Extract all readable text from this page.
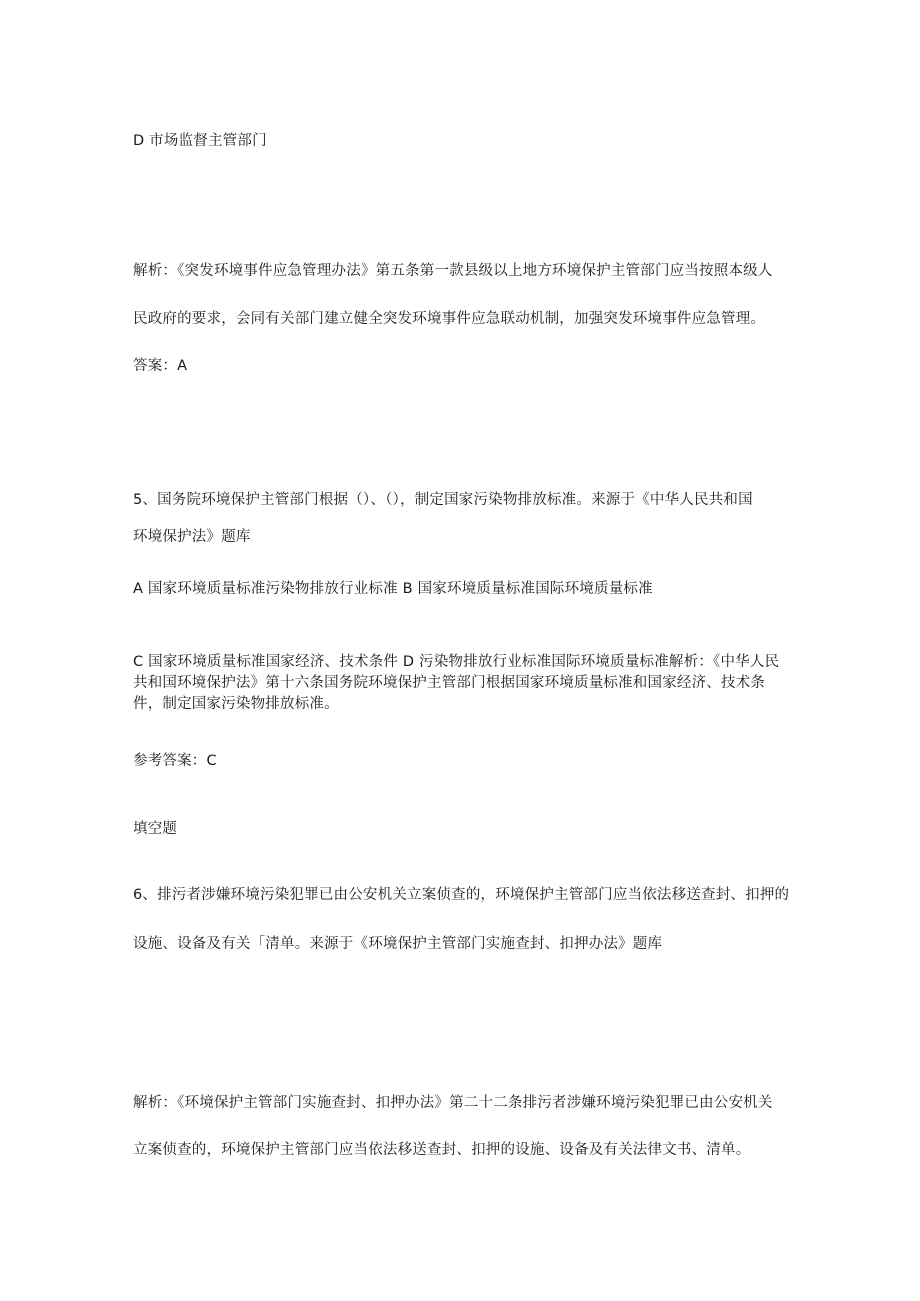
D 市场监督主管部门
解析：《突发环境事件应急管理办法》第五条第一款县级以上地方环境保护主管部门应当按照本级人
民政府的要求，会同有关部门建立健全突发环境事件应急联动机制，加强突发环境事件应急管理。
答案：A
5、国务院环境保护主管部门根据（）、（），制定国家污染物排放标准。来源于《中华人民共和国
环境保护法》题库
A 国家环境质量标准污染物排放行业标准 B 国家环境质量标准国际环境质量标准
C 国家环境质量标准国家经济、技术条件 D 污染物排放行业标准国际环境质量标准解析：《中华人民共和国环境保护法》第十六条国务院环境保护主管部门根据国家环境质量标准和国家经济、技术条件，制定国家污染物排放标准。
参考答案：C
填空题
6、排污者涉嫌环境污染犯罪已由公安机关立案侦查的，环境保护主管部门应当依法移送查封、扣押的
设施、设备及有关「清单。来源于《环境保护主管部门实施查封、扣押办法》题库
解析：《环境保护主管部门实施查封、扣押办法》第二十二条排污者涉嫌环境污染犯罪已由公安机关
立案侦查的，环境保护主管部门应当依法移送查封、扣押的设施、设备及有关法律文书、清单。
